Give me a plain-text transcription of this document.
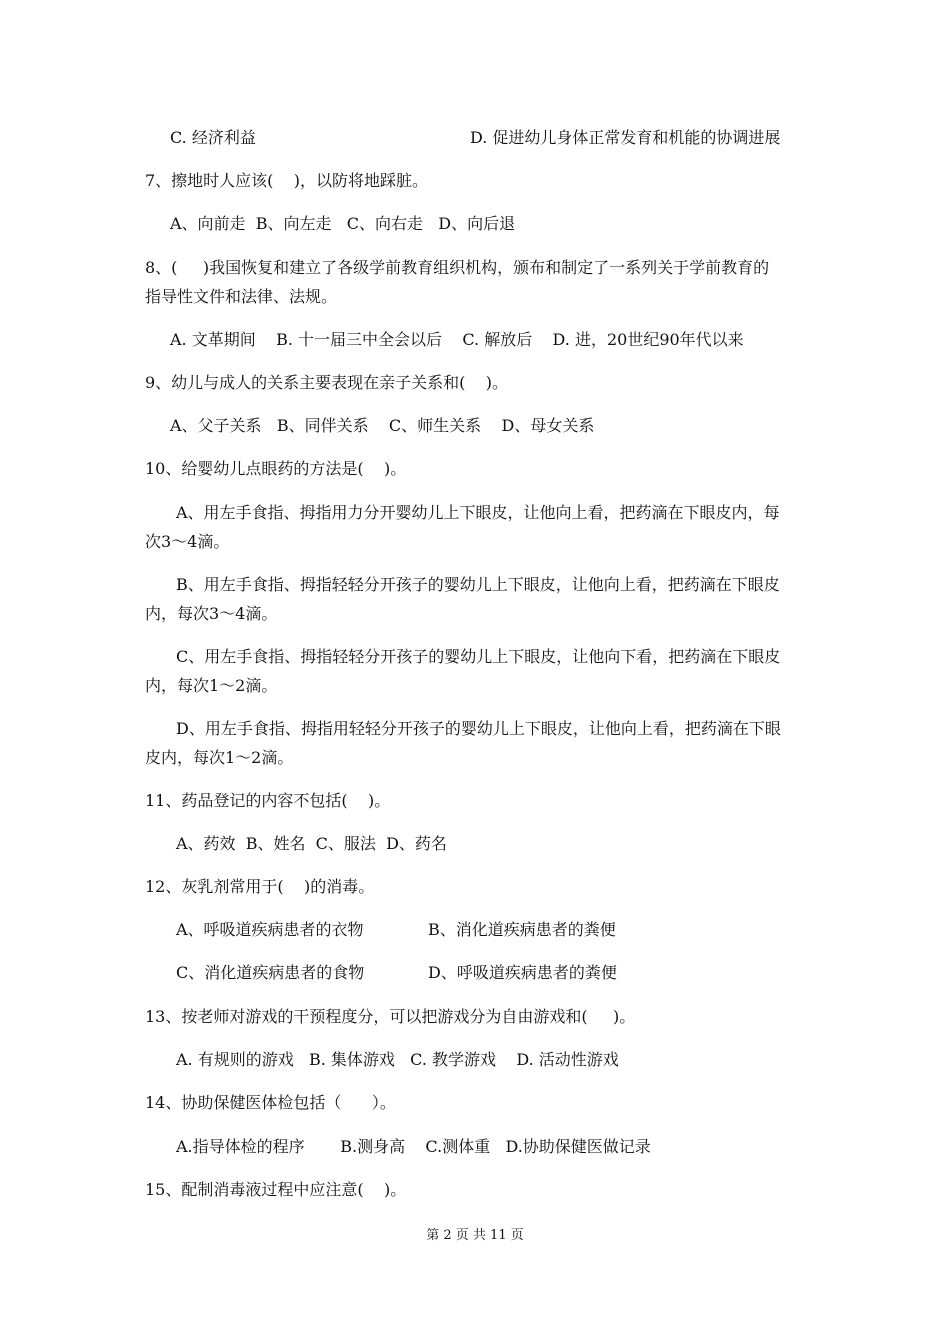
C. 经济利益	D. 促进幼儿身体正常发育和机能的协调进展
7、擦地时人应该(    )，以防将地踩脏。
A、向前走  B、向左走   C、向右走   D、向后退
8、(     )我国恢复和建立了各级学前教育组织机构，颁布和制定了一系列关于学前教育的
指导性文件和法律、法规。
A. 文革期间    B. 十一届三中全会以后    C. 解放后    D. 进，20世纪90年代以来
9、幼儿与成人的关系主要表现在亲子关系和(    )。
A、父子关系   B、同伴关系    C、师生关系    D、母女关系
10、给婴幼儿点眼药的方法是(    )。
A、用左手食指、拇指用力分开婴幼儿上下眼皮，让他向上看，把药滴在下眼皮内，每
次3～4滴。
B、用左手食指、拇指轻轻分开孩子的婴幼儿上下眼皮，让他向上看，把药滴在下眼皮
内，每次3～4滴。
C、用左手食指、拇指轻轻分开孩子的婴幼儿上下眼皮，让他向下看，把药滴在下眼皮
内，每次1～2滴。
D、用左手食指、拇指用轻轻分开孩子的婴幼儿上下眼皮，让他向上看，把药滴在下眼
皮内，每次1～2滴。
11、药品登记的内容不包括(    )。
A、药效  B、姓名  C、服法  D、药名
12、灰乳剂常用于(    )的消毒。
A、呼吸道疾病患者的衣物	B、消化道疾病患者的粪便
C、消化道疾病患者的食物	D、呼吸道疾病患者的粪便
13、按老师对游戏的干预程度分，可以把游戏分为自由游戏和(     )。
A. 有规则的游戏   B. 集体游戏   C. 教学游戏    D. 活动性游戏
14、协助保健医体检包括（      ）。
A.指导体检的程序       B.测身高    C.测体重   D.协助保健医做记录
15、配制消毒液过程中应注意(    )。
第 2 页 共 11 页
